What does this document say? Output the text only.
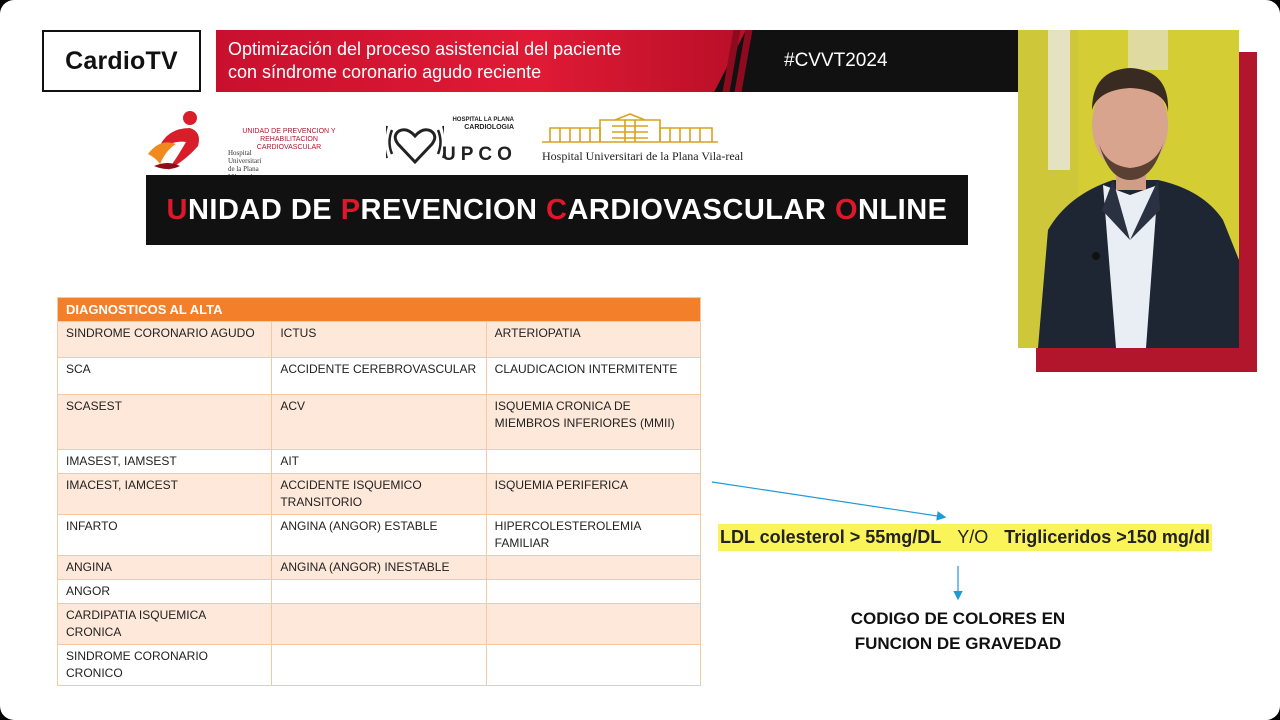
CardioTV	Optimización del proceso asistencial del paciente
con síndrome coronario agudo reciente
#CVVT2024
UNIDAD DE PREVENCION Y REHABILITACION
CARDIOVASCULAR
Hospital Universitari de la Plana
HOSPITAL LA PLANA
CARDIOLOGIA
UPCO Hospital Universitari de la Plana Vila-real
UNIDAD DE PREVENCION CARDIOVASCULAR ONLINE
DIAGNOSTICOS AL ALTA		
SINDROME CORONARIO AGUDO	ICTUS	ARTERIOPATIA
SCA	ACCIDENTE CEREBROVASCULAR	CLAUDICACION INTERMITENTE
SCASEST	ACV	ISQUEMIA CRONICA DE MIEMBROS INFERIORES (MMII)
IMASEST, IAMSEST	AIT	
IMACEST, IAMCEST	ACCIDENTE ISQUEMICO TRANSITORIO	ISQUEMIA PERIFERICA
INFARTO	ANGINA (ANGOR) ESTABLE	HIPERCOLESTEROLEMIA FAMILIAR
ANGINA	ANGINA (ANGOR) INESTABLE	
ANGOR		
CARDIPATIA ISQUEMICA CRONICA		
SINDROME CORONARIO CRONICO		
LDL colesterol > 55mg/DL Y/O Trigliceridos >150 mg/dl
CODIGO DE COLORES EN
FUNCION DE GRAVEDAD
